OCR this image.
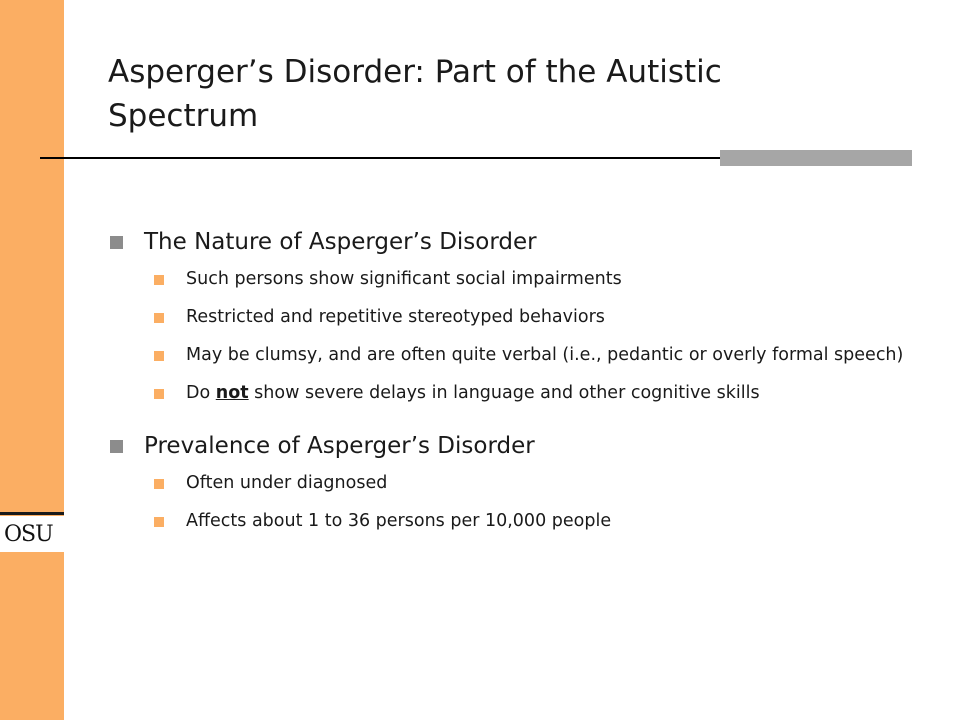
OSU
Asperger’s Disorder: Part of the Autistic Spectrum
The Nature of Asperger’s Disorder
Such persons show significant social impairments
Restricted and repetitive stereotyped behaviors
May be clumsy, and are often quite verbal (i.e., pedantic or overly formal speech)
Do not show severe delays in language and other cognitive skills
Prevalence of Asperger’s Disorder
Often under diagnosed
Affects about 1 to 36 persons per 10,000 people
